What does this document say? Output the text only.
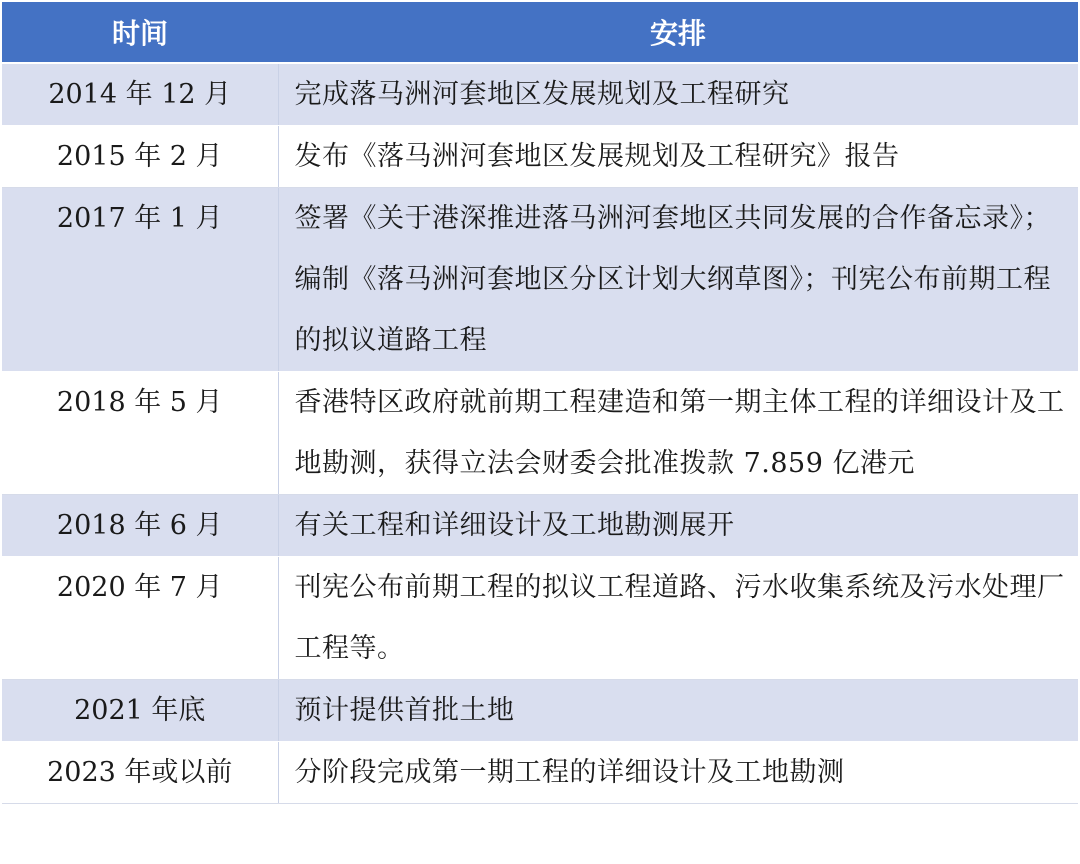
时间	安排
2014 年 12 月	完成落马洲河套地区发展规划及工程研究
2015 年 2 月	发布《落马洲河套地区发展规划及工程研究》报告
2017 年 1 月	签署《关于港深推进落马洲河套地区共同发展的合作备忘录》；编制《落马洲河套地区分区计划大纲草图》；刊宪公布前期工程的拟议道路工程
2018 年 5 月	香港特区政府就前期工程建造和第一期主体工程的详细设计及工地勘测，获得立法会财委会批准拨款 7.859 亿港元
2018 年 6 月	有关工程和详细设计及工地勘测展开
2020 年 7 月	刊宪公布前期工程的拟议工程道路、污水收集系统及污水处理厂工程等。
2021 年底	预计提供首批土地
2023 年或以前	分阶段完成第一期工程的详细设计及工地勘测
